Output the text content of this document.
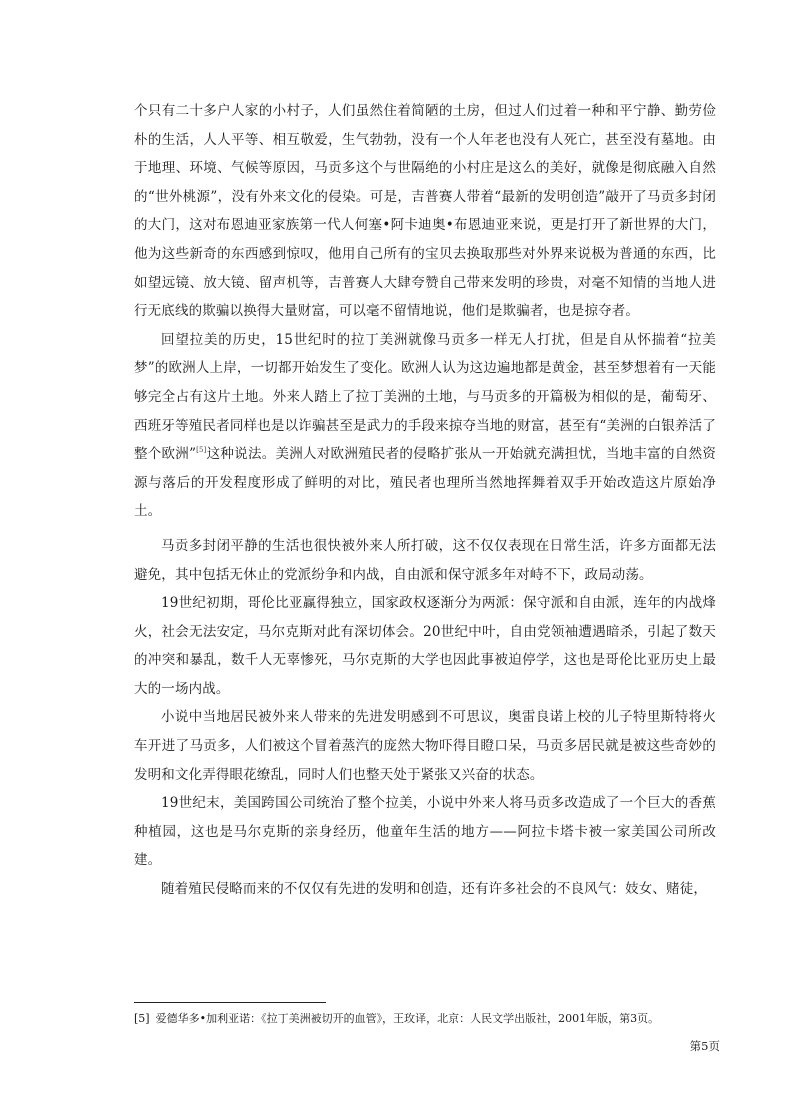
个只有二十多户人家的小村子，人们虽然住着简陋的土房，但过人们过着一种和平宁静、勤劳俭朴的生活，人人平等、相互敬爱，生气勃勃，没有一个人年老也没有人死亡，甚至没有墓地。由于地理、环境、气候等原因，马贡多这个与世隔绝的小村庄是这么的美好，就像是彻底融入自然的“世外桃源”，没有外来文化的侵染。可是，吉普赛人带着“最新的发明创造”敲开了马贡多封闭的大门，这对布恩迪亚家族第一代人何塞•阿卡迪奥•布恩迪亚来说，更是打开了新世界的大门，他为这些新奇的东西感到惊叹，他用自己所有的宝贝去换取那些对外界来说极为普通的东西，比如望远镜、放大镜、留声机等，吉普赛人大肆夸赞自己带来发明的珍贵，对毫不知情的当地人进行无底线的欺骗以换得大量财富，可以毫不留情地说，他们是欺骗者，也是掠夺者。

回望拉美的历史，15世纪时的拉丁美洲就像马贡多一样无人打扰，但是自从怀揣着“拉美梦”的欧洲人上岸，一切都开始发生了变化。欧洲人认为这边遍地都是黄金，甚至梦想着有一天能够完全占有这片土地。外来人踏上了拉丁美洲的土地，与马贡多的开篇极为相似的是，葡萄牙、西班牙等殖民者同样也是以诈骗甚至是武力的手段来掠夺当地的财富，甚至有“美洲的白银养活了整个欧洲”[5]这种说法。美洲人对欧洲殖民者的侵略扩张从一开始就充满担忧，当地丰富的自然资源与落后的开发程度形成了鲜明的对比，殖民者也理所当然地挥舞着双手开始改造这片原始净土。

马贡多封闭平静的生活也很快被外来人所打破，这不仅仅表现在日常生活，许多方面都无法避免，其中包括无休止的党派纷争和内战，自由派和保守派多年对峙不下，政局动荡。

19世纪初期，哥伦比亚赢得独立，国家政权逐渐分为两派：保守派和自由派，连年的内战烽火，社会无法安定，马尔克斯对此有深切体会。20世纪中叶，自由党领袖遭遇暗杀，引起了数天的冲突和暴乱，数千人无辜惨死，马尔克斯的大学也因此事被迫停学，这也是哥伦比亚历史上最大的一场内战。

小说中当地居民被外来人带来的先进发明感到不可思议，奥雷良诺上校的儿子特里斯特将火车开进了马贡多，人们被这个冒着蒸汽的庞然大物吓得目瞪口呆，马贡多居民就是被这些奇妙的发明和文化弄得眼花缭乱，同时人们也整天处于紧张又兴奋的状态。

19世纪末，美国跨国公司统治了整个拉美，小说中外来人将马贡多改造成了一个巨大的香蕉种植园，这也是马尔克斯的亲身经历，他童年生活的地方——阿拉卡塔卡被一家美国公司所改建。

随着殖民侵略而来的不仅仅有先进的发明和创造，还有许多社会的不良风气：妓女、赌徒，

[5] 爱德华多•加利亚诺：《拉丁美洲被切开的血管》，王玫译，北京：人民文学出版社，2001年版，第3页。
第5页
